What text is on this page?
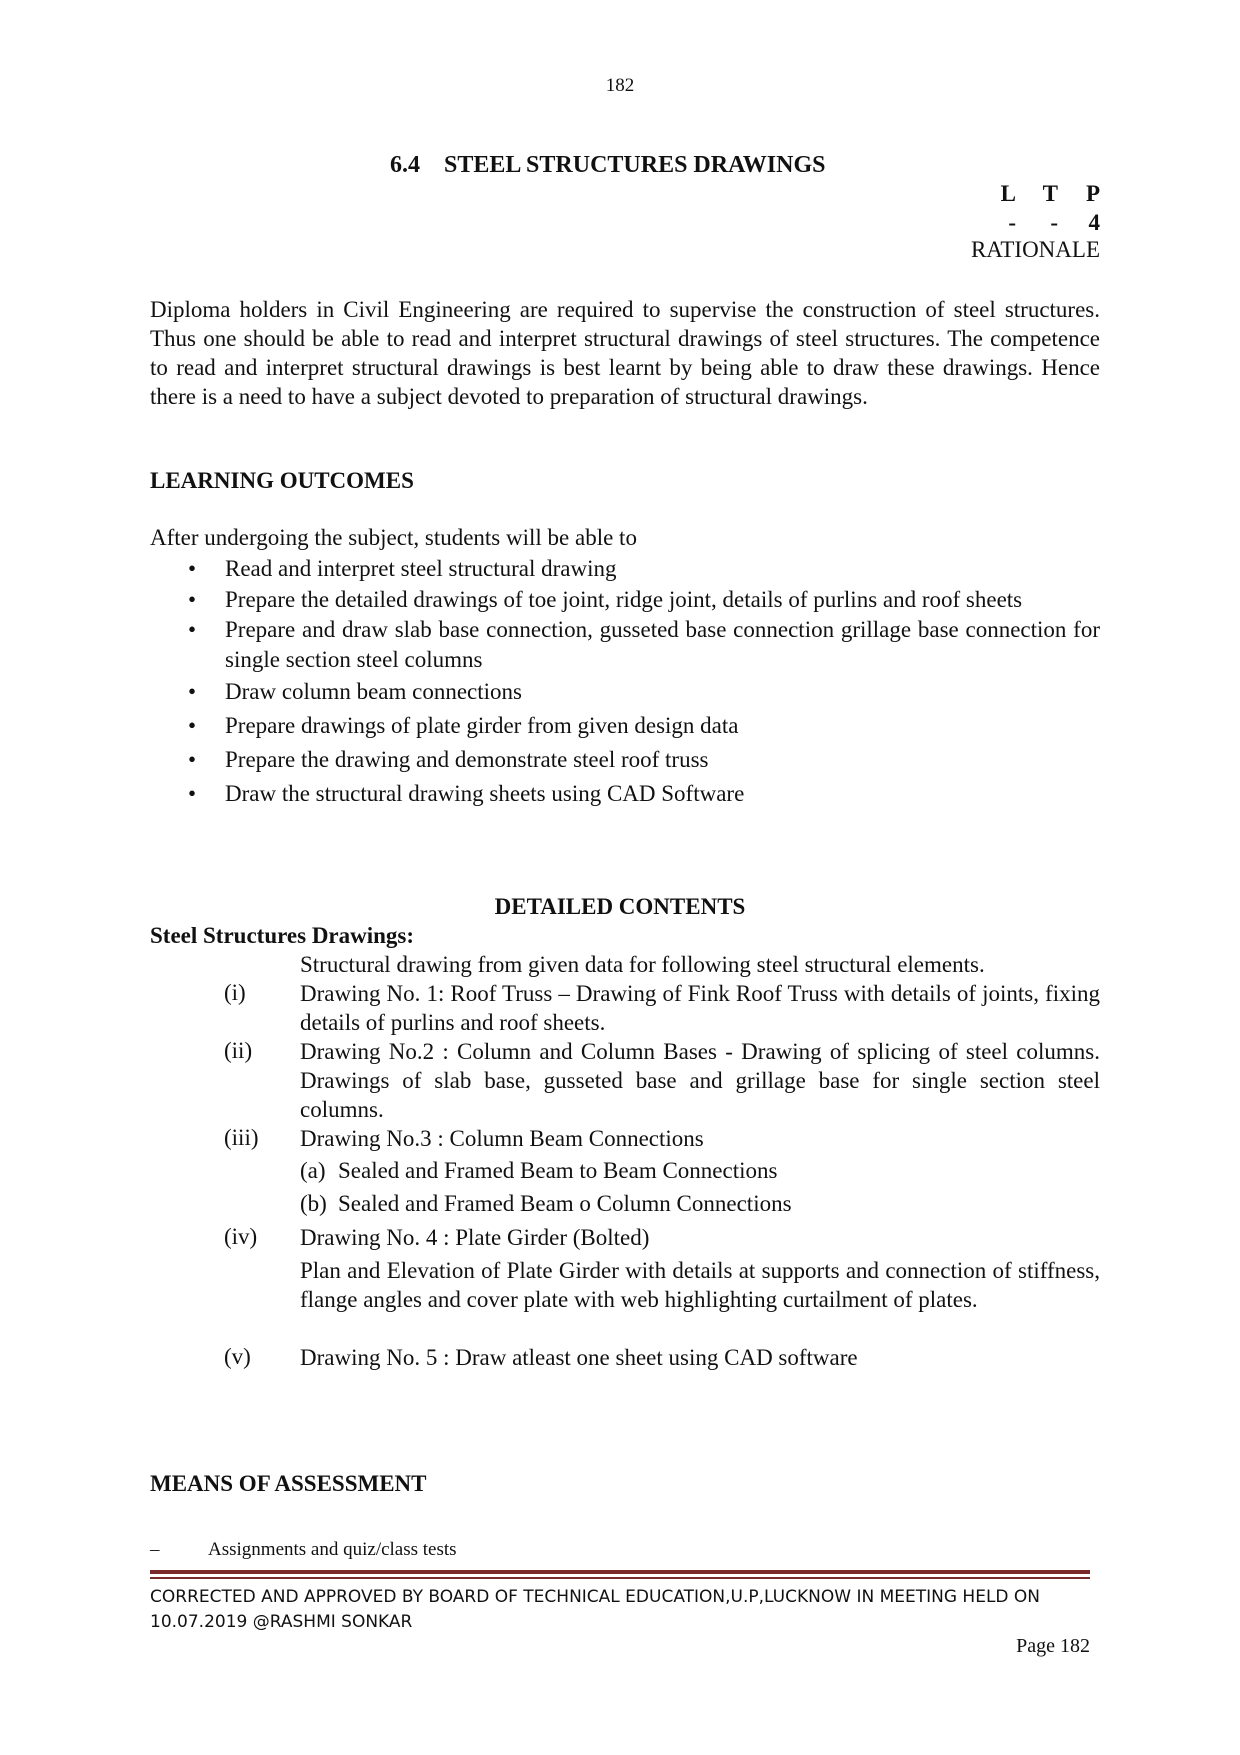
182
6.4 STEEL STRUCTURES DRAWINGS
L	T	P
-	-	4
RATIONALE

Diploma holders in Civil Engineering are required to supervise the construction of steel structures. Thus one should be able to read and interpret structural drawings of steel structures. The competence to read and interpret structural drawings is best learnt by being able to draw these drawings. Hence there is a need to have a subject devoted to preparation of structural drawings.

LEARNING OUTCOMES
After undergoing the subject, students will be able to
• Read and interpret steel structural drawing
• Prepare the detailed drawings of toe joint, ridge joint, details of purlins and roof sheets
• Prepare and draw slab base connection, gusseted base connection grillage base connection for single section steel columns
• Draw column beam connections
• Prepare drawings of plate girder from given design data
• Prepare the drawing and demonstrate steel roof truss
• Draw the structural drawing sheets using CAD Software
DETAILED CONTENTS
Steel Structures Drawings:
Structural drawing from given data for following steel structural elements.
(i) Drawing No. 1: Roof Truss – Drawing of Fink Roof Truss with details of joints, fixing details of purlins and roof sheets.
(ii) Drawing No.2 : Column and Column Bases - Drawing of splicing of steel columns. Drawings of slab base, gusseted base and grillage base for single section steel columns.
(iii) Drawing No.3 : Column Beam Connections
(a) Sealed and Framed Beam to Beam Connections
(b) Sealed and Framed Beam o Column Connections
(iv) Drawing No. 4 : Plate Girder (Bolted)
Plan and Elevation of Plate Girder with details at supports and connection of stiffness, flange angles and cover plate with web highlighting curtailment of plates.
(v) Drawing No. 5 : Draw atleast one sheet using CAD software
MEANS OF ASSESSMENT
–	Assignments and quiz/class tests
CORRECTED AND APPROVED BY BOARD OF TECHNICAL EDUCATION,U.P,LUCKNOW IN MEETING HELD ON 10.07.2019 @RASHMI SONKAR
Page 182
